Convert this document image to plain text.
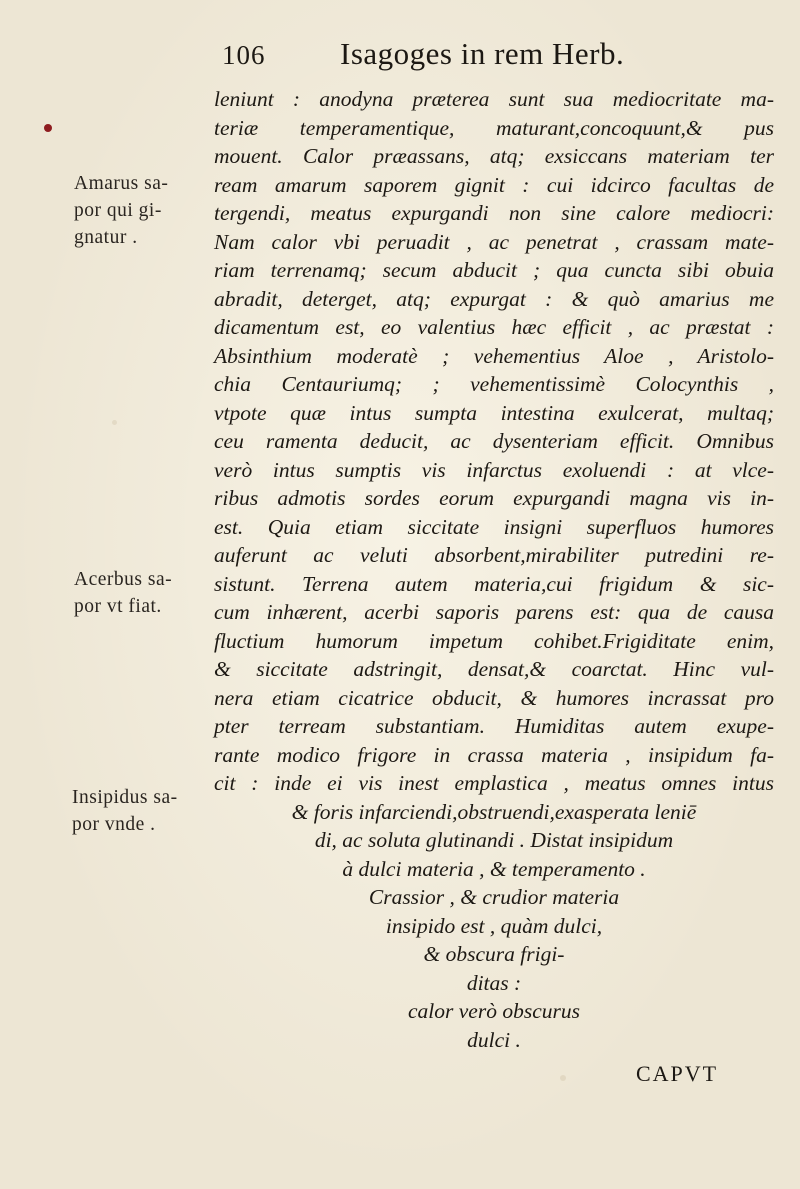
106 Isagoges in rem Herb.
leniunt : anodyna præterea sunt sua mediocritate ma-
teriæ temperamentique, maturant,concoquunt,& pus
mouent. Calor præassans, atq; exsiccans materiam ter
ream amarum saporem gignit : cui idcirco facultas de
tergendi, meatus expurgandi non sine calore mediocri:
Nam calor vbi peruadit , ac penetrat , crassam mate-
riam terrenamq; secum abducit ; qua cuncta sibi obuia
abradit, deterget, atq; expurgat : & quò amarius me
dicamentum est, eo valentius hæc efficit , ac præstat :
Absinthium moderatè ; vehementius Aloe , Aristolo-
chia Centauriumq; ; vehementissimè Colocynthis ,
vtpote quæ intus sumpta intestina exulcerat, multaq;
ceu ramenta deducit, ac dysenteriam efficit. Omnibus
verò intus sumptis vis infarctus exoluendi : at vlce-
ribus admotis sordes eorum expurgandi magna vis in-
est. Quia etiam siccitate insigni superfluos humores
auferunt ac veluti absorbent,mirabiliter putredini re-
sistunt. Terrena autem materia,cui frigidum & sic-
cum inhærent, acerbi saporis parens est: qua de causa
fluctium humorum impetum cohibet.Frigiditate enim,
& siccitate adstringit, densat,& coarctat. Hinc vul-
nera etiam cicatrice obducit, & humores incrassat pro
pter terream substantiam. Humiditas autem exupe-
rante modico frigore in crassa materia , insipidum fa-
cit : inde ei vis inest emplastica , meatus omnes intus
& foris infarciendi,obstruendi,exasperata leniē
di, ac soluta glutinandi . Distat insipidum
à dulci materia , & temperamento .
Crassior , & crudior materia
insipido est , quàm dulci,
& obscura frigi-
ditas :
calor verò obscurus
dulci .
Amarus sa-
por qui gi-
gnatur .
Acerbus sa-
por vt fiat.
Insipidus sa-
por vnde .
CAPVT
